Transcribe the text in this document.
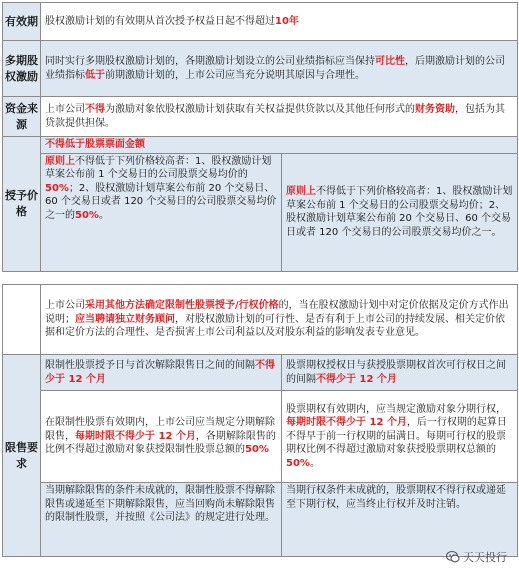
有效期	股权激励计划的有效期从首次授予权益日起不得超过10年	
多期股权激励	同时实行多期股权激励计划的，各期激励计划设立的公司业绩指标应当保持可比性，后期激励计划的公司业绩指标低于前期激励计划的，上市公司应当充分说明其原因与合理性。	
资金来源	上市公司不得为激励对象依股权激励计划获取有关权益提供贷款以及其他任何形式的财务资助，包括为其贷款提供担保。	
授予价格	不得低于股票票面金额	
	原则上不得低于下列价格较高者：1、股权激励计划草案公布前 1 个交易日的公司股票交易均价的50%；2、股权激励计划草案公布前 20 个交易日、60 个交易日或者 120 个交易日的公司股票交易均价之一的50%。	原则上不得低于下列价格较高者：1、股权激励计划草案公布前 1 个交易日的公司股票交易均价；2、股权激励计划草案公布前 20 个交易日、60 个交易日或者 120 个交易日的公司股票交易均价之一。
	上市公司采用其他方法确定限制性股票授予/行权价格的，当在股权激励计划中对定价依据及定价方式作出说明；应当聘请独立财务顾问，对股权激励计划的可行性、是否有利于上市公司的持续发展、相关定价依据和定价方法的合理性、是否损害上市公司利益以及对股东利益的影响发表专业意见。	
限售要求	限制性股票授予日与首次解除限售日之间的间隔不得少于 12 个月	股票期权授权日与获授股票期权首次可行权日之间的间隔不得少于 12 个月
	在限制性股票有效期内，上市公司应当规定分期解除限售，每期时限不得少于 12 个月，各期解除限售的比例不得超过激励对象获授限制性股票总额的50%	股票期权有效期内，应当规定激励对象分期行权，每期时限不得少于 12 个月，后一行权期的起算日不得早于前一行权期的届满日。每期可行权的股票期权比例不得超过激励对象获授股票期权总额的50%。
	当期解除限售的条件未成就的，限制性股票不得解除限售或递延至下期解除限售，应当回购尚未解除限售的限制性股票，并按照《公司法》的规定进行处理。	当期行权条件未成就的，股票期权不得行权或递延至下期行权，应当终止行权并及时注销。
天天投行
